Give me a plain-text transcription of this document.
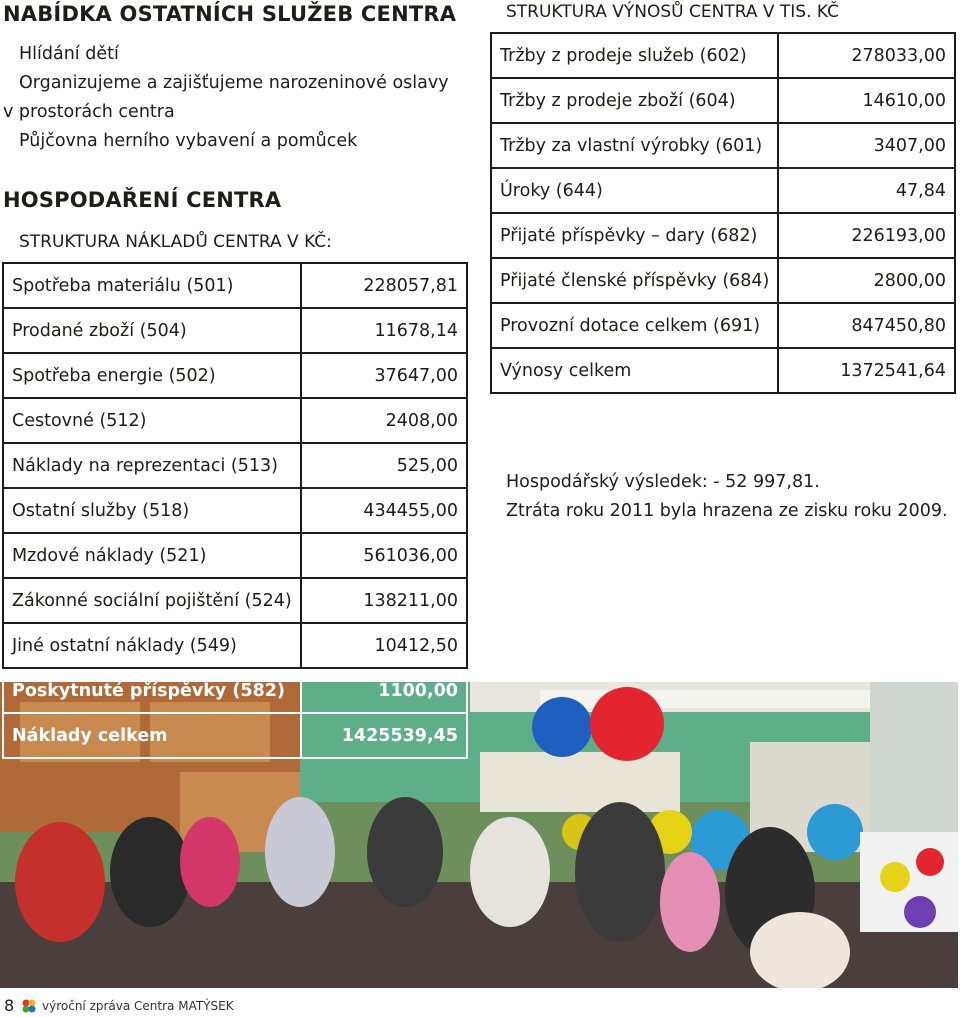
NABÍDKA OSTATNÍCH SLUŽEB CENTRA
Hlídání dětí
Organizujeme a zajišťujeme narozeninové oslavy
v prostorách centra
Půjčovna herního vybavení a pomůcek
HOSPODAŘENÍ CENTRA
STRUKTURA NÁKLADŮ CENTRA V KČ:
Spotřeba materiálu (501)	228057,81
Prodané zboží (504)	11678,14
Spotřeba energie (502)	37647,00
Cestovné (512)	2408,00
Náklady na reprezentaci (513)	525,00
Ostatní služby (518)	434455,00
Mzdové náklady (521)	561036,00
Zákonné sociální pojištění (524)	138211,00
Jiné ostatní náklady (549)	10412,50
Poskytnuté příspěvky (582)	1100,00
Náklady celkem	1425539,45
STRUKTURA VÝNOSŮ CENTRA V TIS. KČ
Tržby z prodeje služeb (602)	278033,00
Tržby z prodeje zboží (604)	14610,00
Tržby za vlastní výrobky (601)	3407,00
Úroky (644)	47,84
Přijaté příspěvky – dary (682)	226193,00
Přijaté členské příspěvky (684)	2800,00
Provozní dotace celkem (691)	847450,80
Výnosy celkem	1372541,64
Hospodářský výsledek: - 52 997,81.
Ztráta roku 2011 byla hrazena ze zisku roku 2009.
8 výroční zpráva Centra MATÝSEK
